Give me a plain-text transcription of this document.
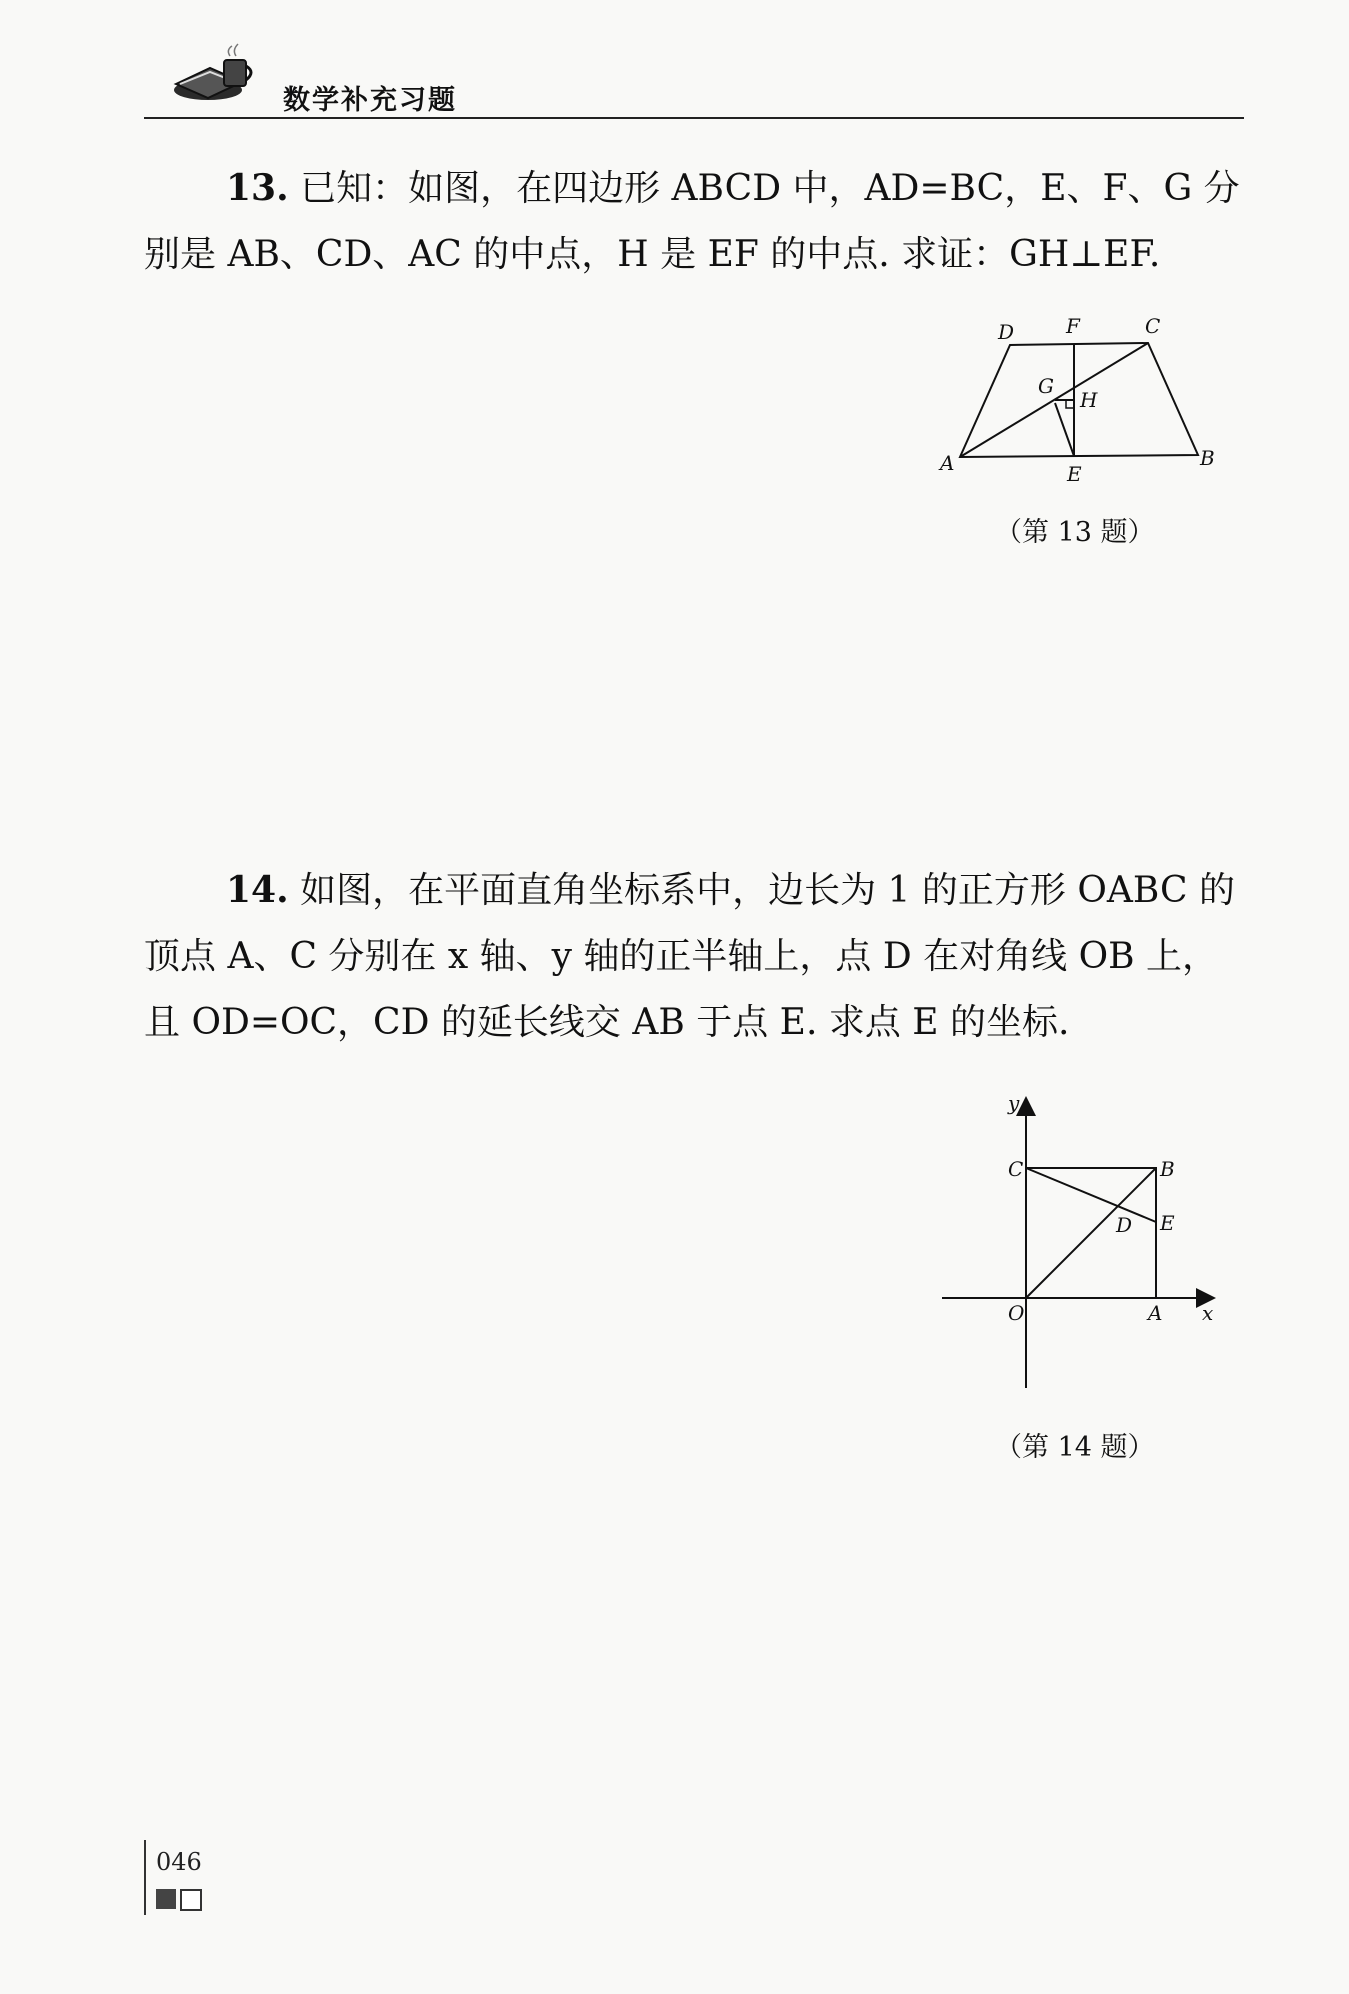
数学补充习题
13. 已知：如图，在四边形 ABCD 中，AD=BC，E、F、G 分别是 AB、CD、AC 的中点，H 是 EF 的中点. 求证：GH⊥EF.
D	F	C
G
H
A	E
B
（第 13 题）
14. 如图，在平面直角坐标系中，边长为 1 的正方形 OABC 的顶点 A、C 分别在 x 轴、y 轴的正半轴上，点 D 在对角线 OB 上，且 OD=OC，CD 的延长线交 AB 于点 E. 求点 E 的坐标.
y
C	B
E
D
O	A x
（第 14 题）
046
